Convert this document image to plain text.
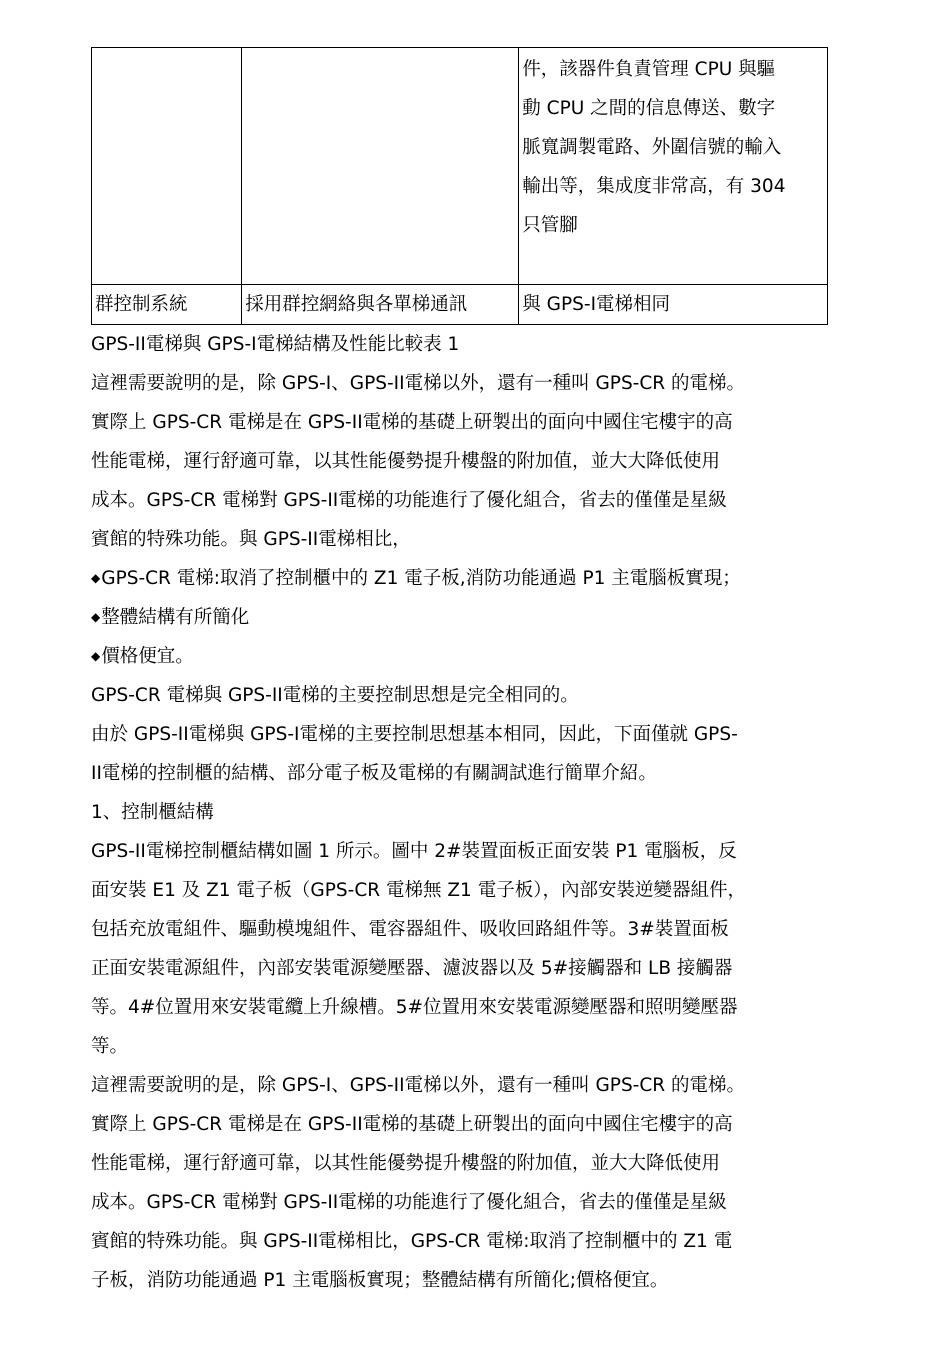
		件，該器件負責管理 CPU 與驅
動 CPU 之間的信息傳送、數字
脈寬調製電路、外圍信號的輸入
輸出等，集成度非常高，有 304
只管腳

群控制系統	採用群控網絡與各單梯通訊	與 GPS-I電梯相同

GPS-II電梯與 GPS-I電梯結構及性能比較表 1

這裡需要說明的是，除 GPS-I、GPS-II電梯以外，還有一種叫 GPS-CR 的電梯。
實際上 GPS-CR 電梯是在 GPS-II電梯的基礎上研製出的面向中國住宅樓宇的高
性能電梯，運行舒適可靠，以其性能優勢提升樓盤的附加值，並大大降低使用
成本。GPS-CR 電梯對 GPS-II電梯的功能進行了優化組合，省去的僅僅是星級
賓館的特殊功能。與 GPS-II電梯相比，
◆GPS-CR 電梯:取消了控制櫃中的 Z1 電子板,消防功能通過 P1 主電腦板實現；
◆整體結構有所簡化
◆價格便宜。
GPS-CR 電梯與 GPS-II電梯的主要控制思想是完全相同的。
由於 GPS-II電梯與 GPS-I電梯的主要控制思想基本相同，因此，下面僅就 GPS-
II電梯的控制櫃的結構、部分電子板及電梯的有關調試進行簡單介紹。
1、控制櫃結構
GPS-II電梯控制櫃結構如圖 1 所示。圖中 2#裝置面板正面安裝 P1 電腦板，反
面安裝 E1 及 Z1 電子板（GPS-CR 電梯無 Z1 電子板），內部安裝逆變器組件，
包括充放電組件、驅動模塊組件、電容器組件、吸收回路組件等。3#裝置面板
正面安裝電源組件，內部安裝電源變壓器、濾波器以及 5#接觸器和 LB 接觸器
等。4#位置用來安裝電纜上升線槽。5#位置用來安裝電源變壓器和照明變壓器
等。
這裡需要說明的是，除 GPS-I、GPS-II電梯以外，還有一種叫 GPS-CR 的電梯。
實際上 GPS-CR 電梯是在 GPS-II電梯的基礎上研製出的面向中國住宅樓宇的高
性能電梯，運行舒適可靠，以其性能優勢提升樓盤的附加值，並大大降低使用
成本。GPS-CR 電梯對 GPS-II電梯的功能進行了優化組合，省去的僅僅是星級
賓館的特殊功能。與 GPS-II電梯相比，GPS-CR 電梯:取消了控制櫃中的 Z1 電
子板，消防功能通過 P1 主電腦板實現；整體結構有所簡化;價格便宜。
